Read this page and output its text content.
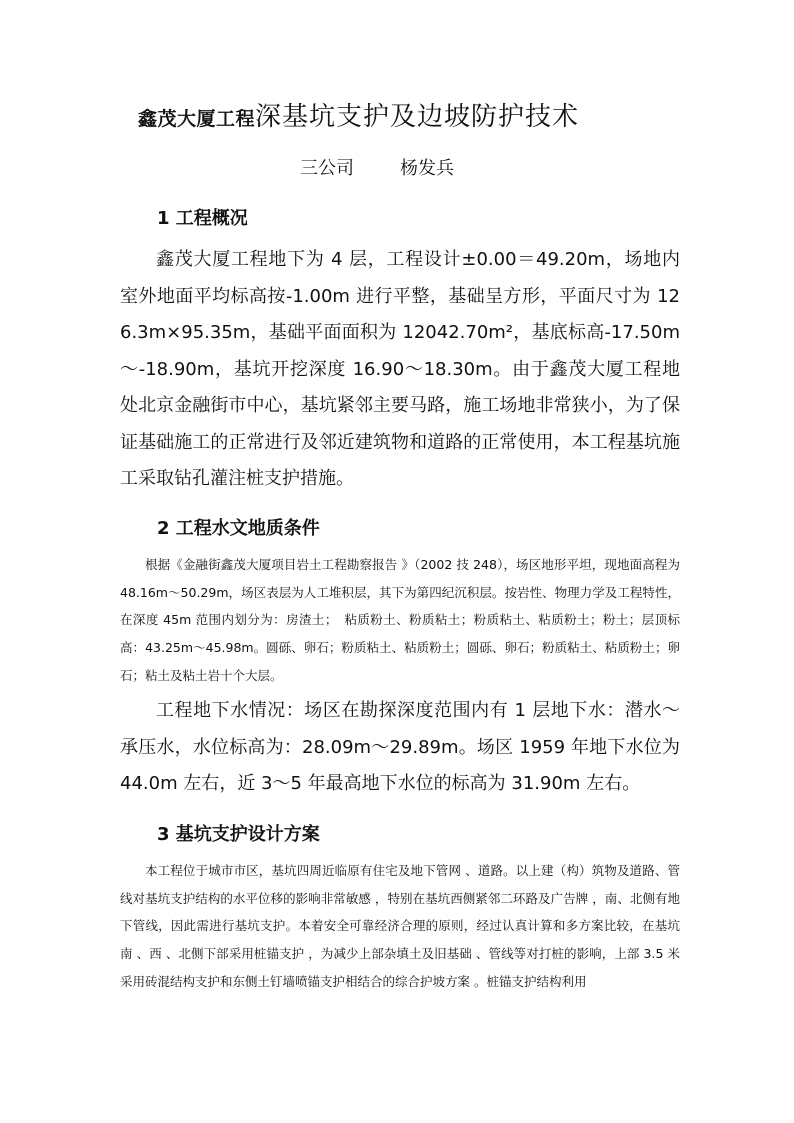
鑫茂大厦工程深基坑支护及边坡防护技术
三公司	杨发兵
1 工程概况
鑫茂大厦工程地下为 4 层，工程设计±0.00＝49.20m，场地内室外地面平均标高按-1.00m 进行平整，基础呈方形，平面尺寸为 126.3m×95.35m，基础平面面积为 12042.70m²，基底标高-17.50m～-18.90m，基坑开挖深度 16.90～18.30m。由于鑫茂大厦工程地处北京金融街市中心，基坑紧邻主要马路，施工场地非常狭小，为了保证基础施工的正常进行及邻近建筑物和道路的正常使用，本工程基坑施工采取钻孔灌注桩支护措施。
2 工程水文地质条件
根据《金融街鑫茂大厦项目岩土工程勘察报告 》（2002 技 248），场区地形平坦，现地面高程为 48.16m～50.29m，场区表层为人工堆积层，其下为第四纪沉积层。按岩性、物理力学及工程特性，在深度 45m 范围内划分为：房渣土；　粘质粉土、粉质粘土；粉质粘土、粘质粉土；粉土；层顶标高：43.25m～45.98m。圆砾、卵石；粉质粘土、粘质粉土；圆砾、卵石；粉质粘土、粘质粉土；卵石；粘土及粘土岩十个大层。
工程地下水情况：场区在勘探深度范围内有 1 层地下水：潜水～承压水，水位标高为：28.09m～29.89m。场区 1959 年地下水位为 44.0m 左右，近 3～5 年最高地下水位的标高为 31.90m 左右。
3 基坑支护设计方案
本工程位于城市市区，基坑四周近临原有住宅及地下管网 、道路。以上建（构）筑物及道路、管线对基坑支护结构的水平位移的影响非常敏感 ，特别在基坑西侧紧邻二环路及广告牌 ，南、北侧有地下管线，因此需进行基坑支护。本着安全可靠经济合理的原则，经过认真计算和多方案比较，在基坑南 、西 、北侧下部采用桩锚支护 ，为减少上部杂填土及旧基础 、管线等对打桩的影响，上部 3.5 米采用砖混结构支护和东侧土钉墙喷锚支护相结合的综合护坡方案 。桩锚支护结构利用
